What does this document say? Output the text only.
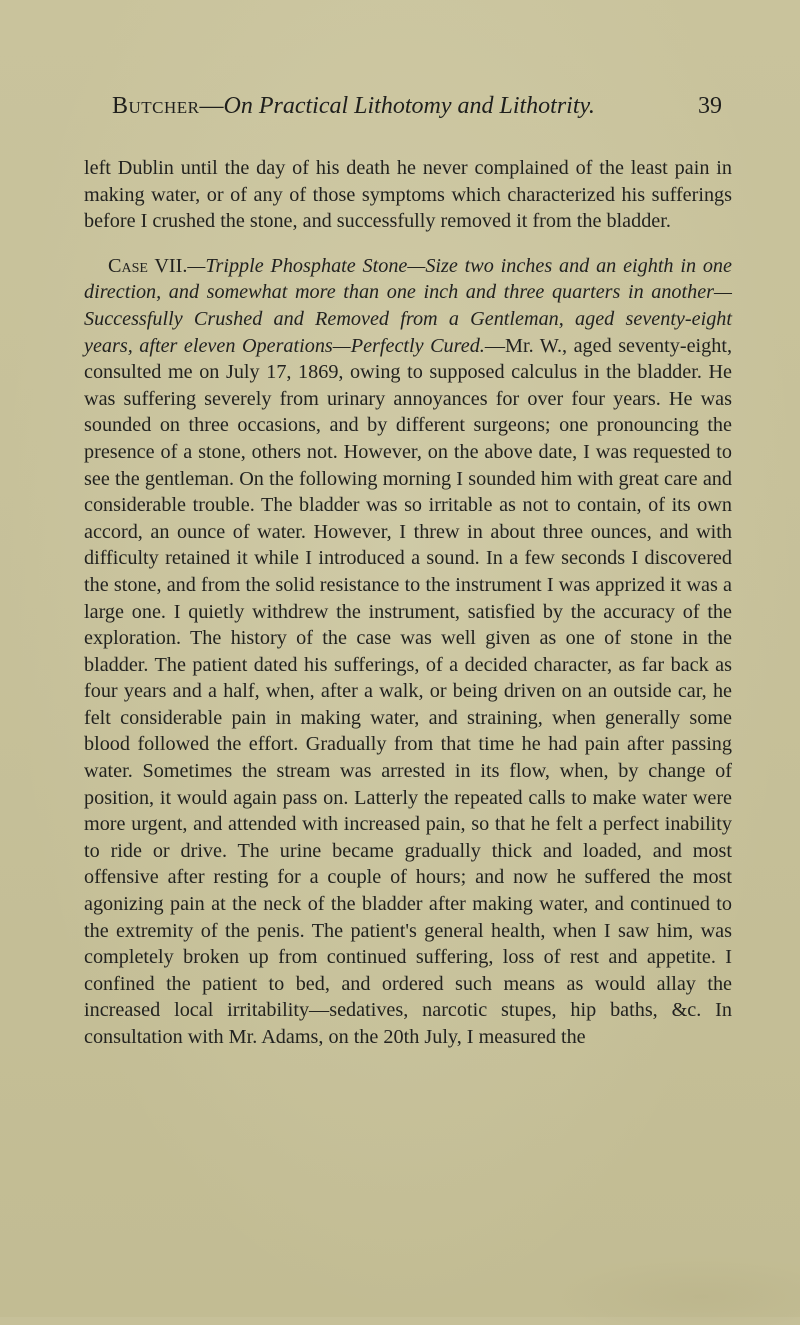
Butcher—On Practical Lithotomy and Lithotrity.	39

left Dublin until the day of his death he never complained of the least pain in making water, or of any of those symptoms which characterized his sufferings before I crushed the stone, and successfully removed it from the bladder.

Case VII.—Tripple Phosphate Stone—Size two inches and an eighth in one direction, and somewhat more than one inch and three quarters in another—Successfully Crushed and Removed from a Gentleman, aged seventy-eight years, after eleven Operations—Perfectly Cured.—Mr. W., aged seventy-eight, consulted me on July 17, 1869, owing to supposed calculus in the bladder. He was suffering severely from urinary annoyances for over four years. He was sounded on three occasions, and by different surgeons; one pronouncing the presence of a stone, others not. However, on the above date, I was requested to see the gentleman. On the following morning I sounded him with great care and considerable trouble. The bladder was so irritable as not to contain, of its own accord, an ounce of water. However, I threw in about three ounces, and with difficulty retained it while I introduced a sound. In a few seconds I discovered the stone, and from the solid resistance to the instrument I was apprized it was a large one. I quietly withdrew the instrument, satisfied by the accuracy of the exploration. The history of the case was well given as one of stone in the bladder. The patient dated his sufferings, of a decided character, as far back as four years and a half, when, after a walk, or being driven on an outside car, he felt considerable pain in making water, and straining, when generally some blood followed the effort. Gradually from that time he had pain after passing water. Sometimes the stream was arrested in its flow, when, by change of position, it would again pass on. Latterly the repeated calls to make water were more urgent, and attended with increased pain, so that he felt a perfect inability to ride or drive. The urine became gradually thick and loaded, and most offensive after resting for a couple of hours; and now he suffered the most agonizing pain at the neck of the bladder after making water, and continued to the extremity of the penis. The patient's general health, when I saw him, was completely broken up from continued suffering, loss of rest and appetite. I confined the patient to bed, and ordered such means as would allay the increased local irritability—sedatives, narcotic stupes, hip baths, &c. In consultation with Mr. Adams, on the 20th July, I measured the
